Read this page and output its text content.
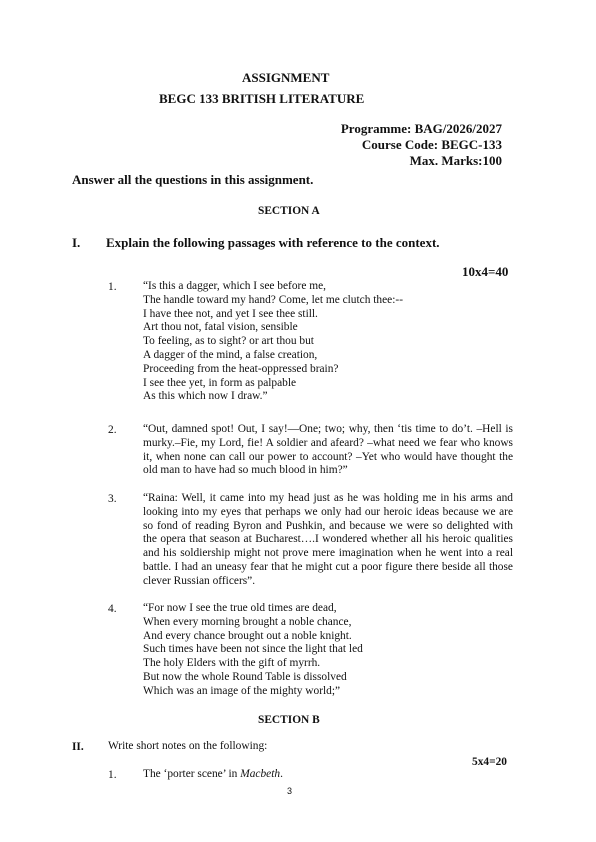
ASSIGNMENT
BEGC 133 BRITISH LITERATURE
Programme: BAG/2026/2027
Course Code: BEGC-133
Max. Marks:100
Answer all the questions in this assignment.
SECTION A
I. Explain the following passages with reference to the context.
10x4=40
1. “Is this a dagger, which I see before me,
The handle toward my hand? Come, let me clutch thee:--
I have thee not, and yet I see thee still.
Art thou not, fatal vision, sensible
To feeling, as to sight? or art thou but
A dagger of the mind, a false creation,
Proceeding from the heat-oppressed brain?
I see thee yet, in form as palpable
As this which now I draw.”
2. “Out, damned spot! Out, I say!—One; two; why, then ‘tis time to do’t. –Hell is murky.–Fie, my Lord, fie! A soldier and afeard? –what need we fear who knows it, when none can call our power to account? –Yet who would have thought the old man to have had so much blood in him?”
3. “Raina: Well, it came into my head just as he was holding me in his arms and looking into my eyes that perhaps we only had our heroic ideas because we are so fond of reading Byron and Pushkin, and because we were so delighted with the opera that season at Bucharest….I wondered whether all his heroic qualities and his soldiership might not prove mere imagination when he went into a real battle. I had an uneasy fear that he might cut a poor figure there beside all those clever Russian officers”.
4. “For now I see the true old times are dead,
When every morning brought a noble chance,
And every chance brought out a noble knight.
Such times have been not since the light that led
The holy Elders with the gift of myrrh.
But now the whole Round Table is dissolved
Which was an image of the mighty world;”
SECTION B
II. Write short notes on the following:
5x4=20
1. The ‘porter scene’ in Macbeth.
3
